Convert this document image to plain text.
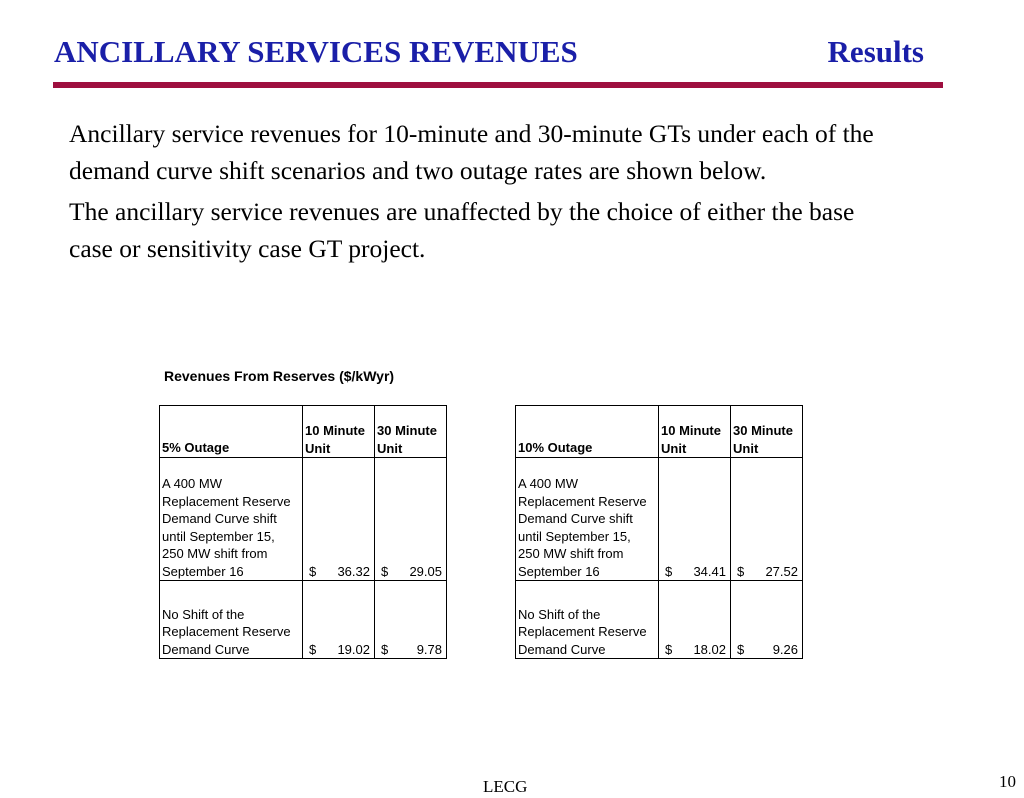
ANCILLARY SERVICES REVENUES	Results

Ancillary service revenues for 10-minute and 30-minute GTs under each of the demand curve shift scenarios and two outage rates are shown below.

The ancillary service revenues are unaffected by the choice of either the base case or sensitivity case GT project.

Revenues From Reserves ($/kWyr)
5% Outage	10 Minute Unit	30 Minute Unit
A 400 MW Replacement Reserve Demand Curve shift until September 15, 250 MW shift from September 16	$ 36.32	$ 29.05

No Shift of the Replacement Reserve Demand Curve	$ 19.02	$ 9.78
10% Outage	10 Minute Unit	30 Minute Unit
A 400 MW Replacement Reserve Demand Curve shift until September 15, 250 MW shift from September 16	$ 34.41	$ 27.52

No Shift of the Replacement Reserve Demand Curve	$ 18.02	$ 9.26
LECG	10
